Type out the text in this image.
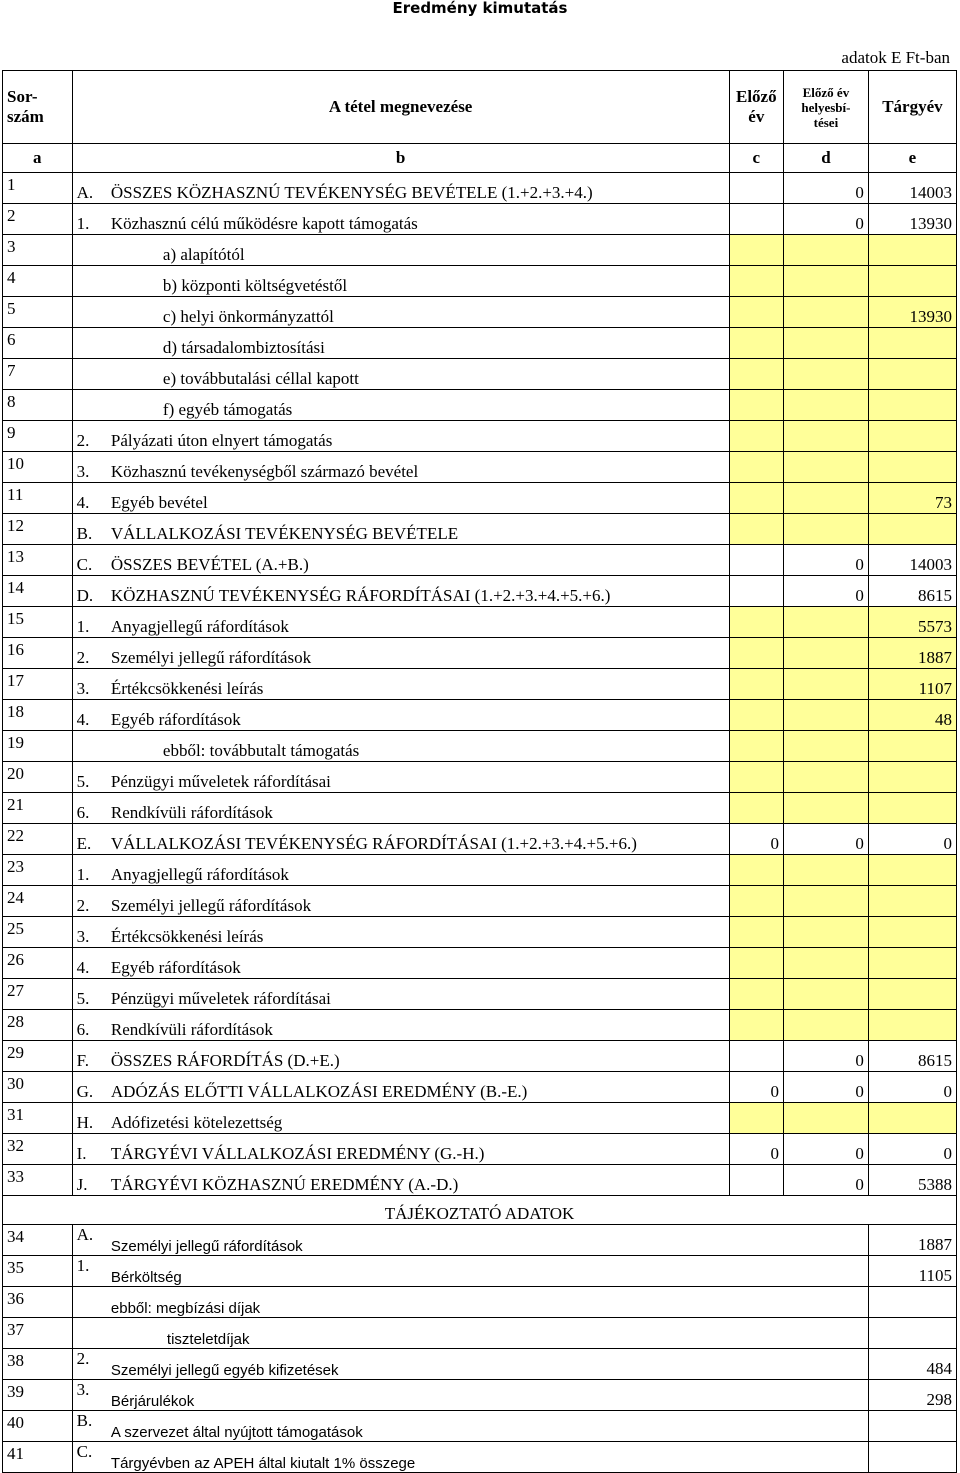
Eredmény kimutatás
adatok E Ft-ban
Sor- szám	A tétel megnevezése		Előző év	Előző év helyesbí- tései	Tárgyév
a	b		c	d	e
1	A.	ÖSSZES KÖZHASZNÚ TEVÉKENYSÉG BEVÉTELE (1.+2.+3.+4.)		0	14003
2	1.	Közhasznú célú működésre kapott támogatás		0	13930
3		a) alapítótól			
4		b) központi költségvetéstől			
5		c) helyi önkormányzattól			13930
6		d) társadalombiztosítási			
7		e) továbbutalási céllal kapott			
8		f) egyéb támogatás			
9	2.	Pályázati úton elnyert támogatás			
10	3.	Közhasznú tevékenységből származó bevétel			
11	4.	Egyéb bevétel			73
12	B.	VÁLLALKOZÁSI TEVÉKENYSÉG BEVÉTELE			
13	C.	ÖSSZES BEVÉTEL (A.+B.)		0	14003
14	D.	KÖZHASZNÚ TEVÉKENYSÉG RÁFORDÍTÁSAI (1.+2.+3.+4.+5.+6.)		0	8615
15	1.	Anyagjellegű ráfordítások			5573
16	2.	Személyi jellegű ráfordítások			1887
17	3.	Értékcsökkenési leírás			1107
18	4.	Egyéb ráfordítások			48
19		ebből: továbbutalt támogatás			
20	5.	Pénzügyi műveletek ráfordításai			
21	6.	Rendkívüli ráfordítások			
22	E.	VÁLLALKOZÁSI TEVÉKENYSÉG RÁFORDÍTÁSAI (1.+2.+3.+4.+5.+6.)	0	0	0
23	1.	Anyagjellegű ráfordítások			
24	2.	Személyi jellegű ráfordítások			
25	3.	Értékcsökkenési leírás			
26	4.	Egyéb ráfordítások			
27	5.	Pénzügyi műveletek ráfordításai			
28	6.	Rendkívüli ráfordítások			
29	F.	ÖSSZES RÁFORDÍTÁS (D.+E.)		0	8615
30	G.	ADÓZÁS ELŐTTI VÁLLALKOZÁSI EREDMÉNY (B.-E.)	0	0	0
31	H.	Adófizetési kötelezettség			
32	I.	TÁRGYÉVI VÁLLALKOZÁSI EREDMÉNY (G.-H.)	0	0	0
33	J.	TÁRGYÉVI KÖZHASZNÚ EREDMÉNY (A.-D.)		0	5388
TÁJÉKOZTATÓ ADATOK					
34	A.	Személyi jellegű ráfordítások			1887
35	1.	Bérköltség			1105
36		ebből: megbízási díjak			
37		tiszteletdíjak			
38	2.	Személyi jellegű egyéb kifizetések			484
39	3.	Bérjárulékok			298
40	B.	A szervezet által nyújtott támogatások			
41	C.	Tárgyévben az APEH által kiutalt 1% összege			
